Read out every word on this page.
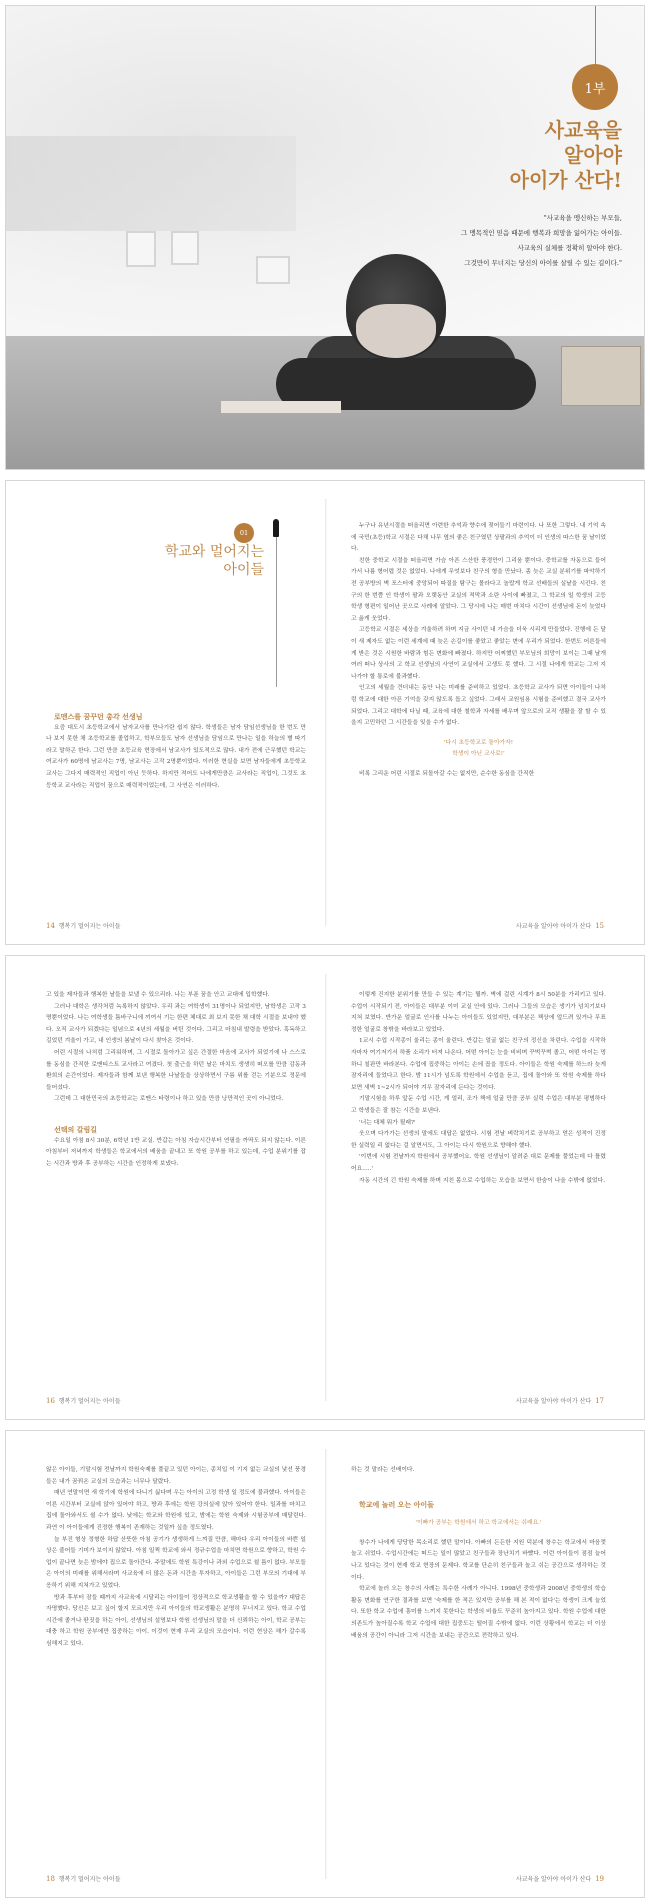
1부
사교육을
알아야
아이가 산다!
"사교육을 맹신하는 부모들,
그 맹목적인 믿음 때문에 행복과 희망을 잃어가는 아이들.
사교육의 실체를 정확히 알아야 한다.
그것만이 무너지는 당신의 아이를 살릴 수 있는 길이다."
01
학교와 멀어지는
아이들

로맨스를 꿈꾸던 총각 선생님

요즘 대도시 초등학교에서 남자교사를 만나기란 쉽지 않다. 학생들은 남자 담임선생님을 한 번도 만나 보지 못한 채 초등학교를 졸업하고, 학부모들도 남자 선생님을 담임으로 만나는 일을 하늘의 별 따기라고 말하곤 한다. 그런 만큼 초등교육 현장에서 남교사가 있도적으로 많다. 내가 전에 근무했던 학교는 여교사가 60명에 남교사는 7명, 남교사는 고작 2명뿐이었다. 이러한 현실을 보면 남자들에게 초등학교 교사는 그다지 매력적인 직업이 아닌 듯하다. 하지만 적어도 나에게만큼은 교사라는 직업이, 그것도 초등학교 교사라는 직업이 꿈으로 매력적이었는데, 그 사연은 이러하다.

14 행복기 멀어지는 아이들

누구나 유년시절을 떠올리면 아련한 추억과 향수에 젖어들기 마련이다. 나 또한 그렇다. 내 기억 속에 국민(초등)학교 시절은 다채 나무 옆의 좋은 친구였던 상팔과의 추억이 더 인생의 따스한 꿈 날이었다.

친한 중학교 시절을 떠올리면 가슴 아픈 스산한 풍경만이 그리움 뿐이다. 중학교를 자동으로 들어가서 나름 형어렵 것은 없었다. 나에게 무엇보다 친구의 형을 만났다. 좀 늦은 교실 분위기를 파악하기 전 공부방의 벽 포스터에 중앙되어 따질을 탐구는 몰라다고 놀랍게 학교 선배들의 실낱을 시킨다. 친구의 한 번쯤 인 학생이 팔과 오랫동안 교실의 적막과 소란 사이에 빠졌고, 그 학교의 일 학생의 고등학생 형편이 일어난 곳으로 사례에 알았다. 그 당시에 나는 매번 마치다 시간이 선생님에 돈이 늦었다고 옳게 웃었다.

고등학교 시절은 세상을 겨울하려 하며 지금 사이던 내 가슴을 더욱 시리게 만들었다. 진행에 든 달이 새 제자도 없는 이런 세계에 때 늦은 손길이를 좋았고 좋았는 변에 우리가 되었다. 한번도 어른들에게 받은 것은 시원한 바람과 힘든 변화에 빠졌다. 하지만 어찌했던 부모님의 희망이 보이는 그때 날개 여러 떠나 상사의 고 학교 선생님의 사연이 교실에서 고생도 못 했다. 그 시절 나에게 학교는 그저 지나가야 할 통로에 불과했다.

인고의 세월을 견더내는 동안 나는 미래를 준비하고 있었다. 초등학교 교사가 되면 아이들이 나처럼 학교에 대한 아픈 기억을 갖지 않도록 돕고 싶었다. 그래서 교원임용 시험을 준비했고 결국 교사가 되었다. 그리고 대학에 다닐 때, 교육에 대한 철학과 자세를 배우며 앞으로의 교직 생활을 잘 할 수 있을지 고민하던 그 시간들을 잊을 수가 없다.

'다시 초등학교로 돌아가자!

학생이 아닌 교사로!'

비록 그리운 어린 시절로 되돌아갈 수는 없지만, 순수한 동심을 간직한

사교육을 알아야 아이가 산다 15

고 있을 제자들과 행복한 날들을 보낼 수 있으리라. 나는 부푼 꿈을 안고 교대에 입학했다.

그러나 대학은 생각처럼 녹록하지 않았다. 우리 과는 여학생이 31명이나 되었지만, 남학생은 고작 3명뿐이었다. 나는 여학생들 틈바구니에 끼여서 기는 한편 체대로 최 보지 못한 채 대학 시절을 보내야 했다. 오직 교사가 되겠다는 일념으로 4년의 세월을 버틴 것이다. 그리고 마침내 발령을 받았다. 혹독하고 길었던 겨울이 가고, 내 인생의 봄날이 다시 찾아온 것이다.

어린 시절의 나처럼 그리워하며, 그 시절로 돌아가고 싶은 간절한 마음에 교사가 되었기에 나 스스로를 동심을 간직한 로맨티스트 교사라고 여겼다. 첫 출근을 하던 날은 마치도 생생히 떠오를 만큼 감동과 환희의 순간이었다. 제자들과 함께 보낸 행복한 나날들을 상상하면서 구름 위를 걷는 기분으로 정문에 들어섰다.

그런데 그 대한민국의 초등학교는 로맨스 타령이나 하고 있을 만큼 낭만적인 곳이 아니었다.

선택의 갈림길

수요일 아침 8시 30분, 6학년 1반 교실. 반갑는 아침 자습시간부터 연필을 까딱도 되지 않는다. 이른 아침부터 저녁까지 학생들은 학교에서의 배움을 끝내고 또 학원 공부를 하고 있는데, 수업 분위기를 잡는 시간과 방과 후 공부하는 시간을 인정하게 보냈다.

16 행복기 멀어지는 아이들

이렇게 진지한 분위기를 만들 수 있는 계기는 뭘까. 벽에 걸린 시계가 8시 50분을 가리키고 있다. 수업이 시작되기 전, 아이들은 대부분 이미 교실 안에 있다. 그러나 그들의 모습은 생기가 넘치기보다 지쳐 보였다. 반가운 얼굴로 인사를 나누는 아이들도 있었지만, 대부분은 책상에 엎드려 있거나 무표정한 얼굴로 창밖을 바라보고 있었다.

1교시 수업 시작종이 울리는 종이 울린다. 반갑는 얼굴 없는 친구의 정신을 차린다. 수업을 시작하자마자 여기저기서 하품 소리가 터져 나온다. 어떤 아이는 눈을 비비며 꾸벅꾸벅 졸고, 어떤 아이는 멍하니 칠판만 바라본다. 수업에 집중하는 아이는 손에 꼽을 정도다. 아이들은 학원 숙제를 하느라 늦게 잠자리에 들었다고 한다. 밤 11시가 넘도록 학원에서 수업을 듣고, 집에 돌아와 또 학원 숙제를 하다 보면 새벽 1~2시가 되어야 겨우 잠자리에 든다는 것이다.

기말시험을 하루 앞둔 수업 시간, 게 얼리, 조가 책에 얼굴 만큼 공부 실력 수업은 대부분 평범하다고 학생들은 잘 참는 시간을 보낸다.

'너는 대체 뭐가 될래?'

웃으며 다가가는 선생의 말에도 대답은 없었다. 시험 전날 벼락치기로 공부하고 얻은 성적이 진정한 실력일 리 없다는 걸 알면서도, 그 아이는 다시 학원으로 향해야 했다.

'이번에 시험 전날까지 학원에서 공부했어요. 학원 선생님이 알려준 대로 문제를 풀었는데 다 틀렸어요.....'

자동 시간의 긴 학원 숙제를 하며 지친 몸으로 수업하는 모습을 보면서 한숨이 나올 수밖에 없었다.

사교육을 알아야 아이가 산다 17

않은 아이들, 기말시험 전날까지 학원숙제를 풀끝고 있던 아이는, 종치입 이 기지 없는 교실의 낯선 풍경들은 내가 꿈꿔온 교실의 모습과는 너무나 달랐다.

매년 연말이면 새 학기에 학원에 다니기 싫다며 우는 아이의 고정 학생 일 정도에 불과했다. 아이들은 이른 시간부터 교실에 앉아 있어야 하고, 방과 후에는 학원 강의실에 앉아 있어야 한다. 일과를 마치고 집에 돌아와서도 쉴 수가 없다. 낮에는 학교와 학원에 있고, 밤에는 학원 숙제와 시험공부에 매달린다. 과연 이 아이들에게 진정한 행복이 존재하는 것일까 싶을 정도였다.

늘 부진 형상 정형한 하답 산뜻한 아침 공기가 생생하게 느껴질 만큼, 해마다 우리 아이들의 바쁜 일상은 줄어들 기미가 보이지 않았다. 아침 일찍 학교에 와서 정규수업을 마치면 학원으로 향하고, 학원 수업이 끝나면 늦은 밤에야 집으로 돌아간다. 주말에도 학원 특강이나 과외 수업으로 쉴 틈이 없다. 부모들은 아이의 미래를 위해서라며 사교육에 더 많은 돈과 시간을 투자하고, 아이들은 그런 부모의 기대에 부응하기 위해 지쳐가고 있었다.

방과 후부터 잠들 때까지 사교육에 시달리는 아이들이 정상적으로 학교생활을 할 수 있을까? 대답은 자명했다. 당신은 보고 싶어 할지 모르지만 우리 아이들의 학교생활은 분명히 무너지고 있다. 학교 수업 시간에 졸거나 딴짓을 하는 아이, 선생님의 설명보다 학원 선생님의 말을 더 신뢰하는 아이, 학교 공부는 대충 하고 학원 공부에만 집중하는 아이. 이것이 현재 우리 교실의 모습이다. 이런 현상은 해가 갈수록 심해지고 있다.

18 행복기 멀어지는 아이들

하는 것 말라는 선배이다.

학교에 놀러 오는 아이들

'이빠가 공부는 학원에서 하고 학교에서는 쉬래요.'

창수가 나에게 당당한 목소리로 했던 말이다. 아빠의 든든한 지원 덕분에 창수는 학교에서 마음껏 놀고 쉬었다. 수업시간에는 떠드는 일이 많았고 친구들과 장난치기 바빴다. 이런 아이들이 점점 늘어나고 있다는 것이 현재 학교 현장의 문제다. 학교를 단순히 친구들과 놀고 쉬는 공간으로 생각하는 것이다.

학교에 놀러 오는 창수의 사례는 특수한 사례가 아니다. 1998년 중학생과 2008년 중학생의 학습활동 변화를 연구한 결과를 보면 '숙제를 한 적은 있지만 공부를 해 본 적이 없다'는 학생이 크게 늘었다. 또한 학교 수업에 흥미를 느끼지 못한다는 학생의 비율도 꾸준히 높아지고 있다. 학원 수업에 대한 의존도가 높아질수록 학교 수업에 대한 집중도는 떨어질 수밖에 없다. 이런 상황에서 학교는 더 이상 배움의 공간이 아니라 그저 시간을 보내는 공간으로 전락하고 있다.

사교육을 알아야 아이가 산다 19
